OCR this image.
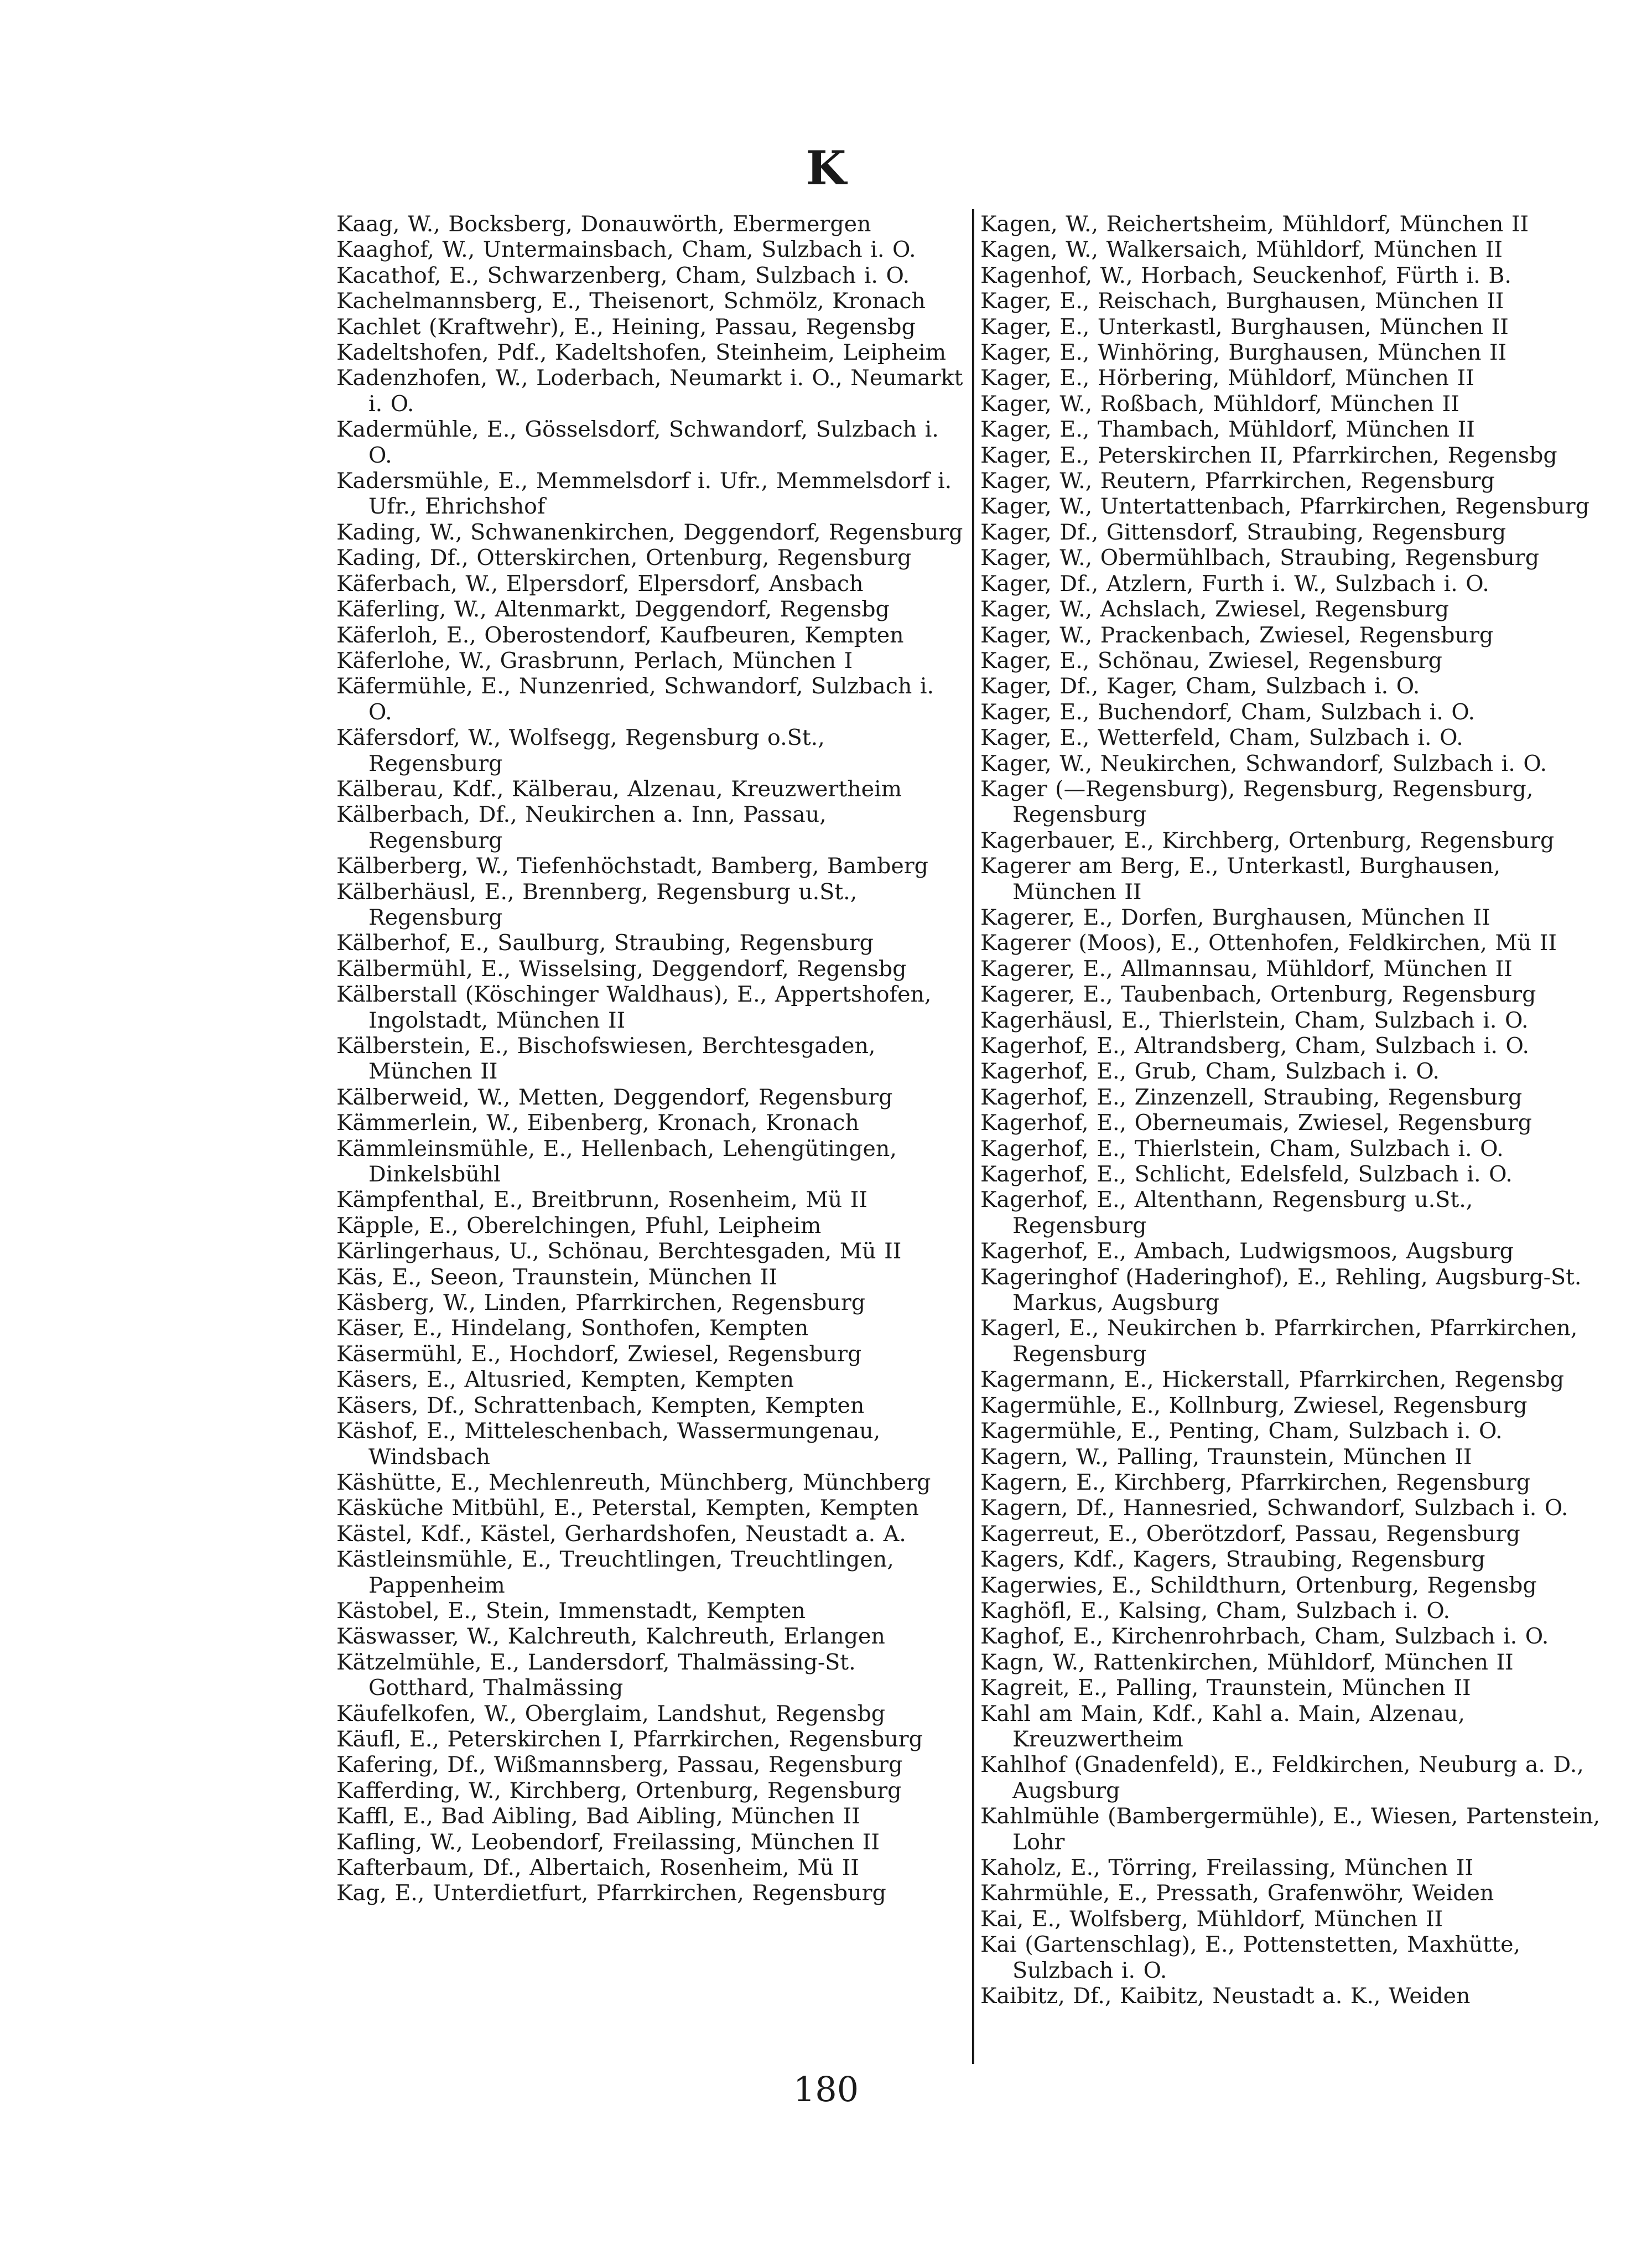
K
Kaag, W., Bocksberg, Donauwörth, Ebermergen
Kaaghof, W., Untermainsbach, Cham, Sulzbach i. O.
Kacathof, E., Schwarzenberg, Cham, Sulzbach i. O.
Kachelmannsberg, E., Theisenort, Schmölz, Kronach
Kachlet (Kraftwehr), E., Heining, Passau, Regensbg
Kadeltshofen, Pdf., Kadeltshofen, Steinheim, Leipheim
Kadenzhofen, W., Loderbach, Neumarkt i. O., Neumarkt i. O.
Kadermühle, E., Gösselsdorf, Schwandorf, Sulzbach i. O.
Kadersmühle, E., Memmelsdorf i. Ufr., Memmelsdorf i. Ufr., Ehrichshof
Kading, W., Schwanenkirchen, Deggendorf, Regensburg
Kading, Df., Otterskirchen, Ortenburg, Regensburg
Käferbach, W., Elpersdorf, Elpersdorf, Ansbach
Käferling, W., Altenmarkt, Deggendorf, Regensbg
Käferloh, E., Oberostendorf, Kaufbeuren, Kempten
Käferlohe, W., Grasbrunn, Perlach, München I
Käfermühle, E., Nunzenried, Schwandorf, Sulzbach i. O.
Käfersdorf, W., Wolfsegg, Regensburg o.St., Regensburg
Kälberau, Kdf., Kälberau, Alzenau, Kreuzwertheim
Kälberbach, Df., Neukirchen a. Inn, Passau, Regensburg
Kälberberg, W., Tiefenhöchstadt, Bamberg, Bamberg
Kälberhäusl, E., Brennberg, Regensburg u.St., Regensburg
Kälberhof, E., Saulburg, Straubing, Regensburg
Kälbermühl, E., Wisselsing, Deggendorf, Regensbg
Kälberstall (Köschinger Waldhaus), E., Appertshofen, Ingolstadt, München II
Kälberstein, E., Bischofswiesen, Berchtesgaden, München II
Kälberweid, W., Metten, Deggendorf, Regensburg
Kämmerlein, W., Eibenberg, Kronach, Kronach
Kämmleinsmühle, E., Hellenbach, Lehengütingen, Dinkelsbühl
Kämpfenthal, E., Breitbrunn, Rosenheim, Mü II
Käpple, E., Oberelchingen, Pfuhl, Leipheim
Kärlingerhaus, U., Schönau, Berchtesgaden, Mü II
Käs, E., Seeon, Traunstein, München II
Käsberg, W., Linden, Pfarrkirchen, Regensburg
Käser, E., Hindelang, Sonthofen, Kempten
Käsermühl, E., Hochdorf, Zwiesel, Regensburg
Käsers, E., Altusried, Kempten, Kempten
Käsers, Df., Schrattenbach, Kempten, Kempten
Käshof, E., Mitteleschenbach, Wassermungenau, Windsbach
Käshütte, E., Mechlenreuth, Münchberg, Münchberg
Käsküche Mitbühl, E., Peterstal, Kempten, Kempten
Kästel, Kdf., Kästel, Gerhardshofen, Neustadt a. A.
Kästleinsmühle, E., Treuchtlingen, Treuchtlingen, Pappenheim
Kästobel, E., Stein, Immenstadt, Kempten
Käswasser, W., Kalchreuth, Kalchreuth, Erlangen
Kätzelmühle, E., Landersdorf, Thalmässing-St. Gotthard, Thalmässing
Käufelkofen, W., Oberglaim, Landshut, Regensbg
Käufl, E., Peterskirchen I, Pfarrkirchen, Regensburg
Kafering, Df., Wißmannsberg, Passau, Regensburg
Kafferding, W., Kirchberg, Ortenburg, Regensburg
Kaffl, E., Bad Aibling, Bad Aibling, München II
Kafling, W., Leobendorf, Freilassing, München II
Kafterbaum, Df., Albertaich, Rosenheim, Mü II
Kag, E., Unterdietfurt, Pfarrkirchen, Regensburg
Kagen, W., Reichertsheim, Mühldorf, München II
Kagen, W., Walkersaich, Mühldorf, München II
Kagenhof, W., Horbach, Seuckenhof, Fürth i. B.
Kager, E., Reischach, Burghausen, München II
Kager, E., Unterkastl, Burghausen, München II
Kager, E., Winhöring, Burghausen, München II
Kager, E., Hörbering, Mühldorf, München II
Kager, W., Roßbach, Mühldorf, München II
Kager, E., Thambach, Mühldorf, München II
Kager, E., Peterskirchen II, Pfarrkirchen, Regensbg
Kager, W., Reutern, Pfarrkirchen, Regensburg
Kager, W., Untertattenbach, Pfarrkirchen, Regensburg
Kager, Df., Gittensdorf, Straubing, Regensburg
Kager, W., Obermühlbach, Straubing, Regensburg
Kager, Df., Atzlern, Furth i. W., Sulzbach i. O.
Kager, W., Achslach, Zwiesel, Regensburg
Kager, W., Prackenbach, Zwiesel, Regensburg
Kager, E., Schönau, Zwiesel, Regensburg
Kager, Df., Kager, Cham, Sulzbach i. O.
Kager, E., Buchendorf, Cham, Sulzbach i. O.
Kager, E., Wetterfeld, Cham, Sulzbach i. O.
Kager, W., Neukirchen, Schwandorf, Sulzbach i. O.
Kager (—Regensburg), Regensburg, Regensburg, Regensburg
Kagerbauer, E., Kirchberg, Ortenburg, Regensburg
Kagerer am Berg, E., Unterkastl, Burghausen, München II
Kagerer, E., Dorfen, Burghausen, München II
Kagerer (Moos), E., Ottenhofen, Feldkirchen, Mü II
Kagerer, E., Allmannsau, Mühldorf, München II
Kagerer, E., Taubenbach, Ortenburg, Regensburg
Kagerhäusl, E., Thierlstein, Cham, Sulzbach i. O.
Kagerhof, E., Altrandsberg, Cham, Sulzbach i. O.
Kagerhof, E., Grub, Cham, Sulzbach i. O.
Kagerhof, E., Zinzenzell, Straubing, Regensburg
Kagerhof, E., Oberneumais, Zwiesel, Regensburg
Kagerhof, E., Thierlstein, Cham, Sulzbach i. O.
Kagerhof, E., Schlicht, Edelsfeld, Sulzbach i. O.
Kagerhof, E., Altenthann, Regensburg u.St., Regensburg
Kagerhof, E., Ambach, Ludwigsmoos, Augsburg
Kageringhof (Haderinghof), E., Rehling, Augsburg-St. Markus, Augsburg
Kagerl, E., Neukirchen b. Pfarrkirchen, Pfarrkirchen, Regensburg
Kagermann, E., Hickerstall, Pfarrkirchen, Regensbg
Kagermühle, E., Kollnburg, Zwiesel, Regensburg
Kagermühle, E., Penting, Cham, Sulzbach i. O.
Kagern, W., Palling, Traunstein, München II
Kagern, E., Kirchberg, Pfarrkirchen, Regensburg
Kagern, Df., Hannesried, Schwandorf, Sulzbach i. O.
Kagerreut, E., Oberötzdorf, Passau, Regensburg
Kagers, Kdf., Kagers, Straubing, Regensburg
Kagerwies, E., Schildthurn, Ortenburg, Regensbg
Kaghöfl, E., Kalsing, Cham, Sulzbach i. O.
Kaghof, E., Kirchenrohrbach, Cham, Sulzbach i. O.
Kagn, W., Rattenkirchen, Mühldorf, München II
Kagreit, E., Palling, Traunstein, München II
Kahl am Main, Kdf., Kahl a. Main, Alzenau, Kreuzwertheim
Kahlhof (Gnadenfeld), E., Feldkirchen, Neuburg a. D., Augsburg
Kahlmühle (Bambergermühle), E., Wiesen, Partenstein, Lohr
Kaholz, E., Törring, Freilassing, München II
Kahrmühle, E., Pressath, Grafenwöhr, Weiden
Kai, E., Wolfsberg, Mühldorf, München II
Kai (Gartenschlag), E., Pottenstetten, Maxhütte, Sulzbach i. O.
Kaibitz, Df., Kaibitz, Neustadt a. K., Weiden
180
